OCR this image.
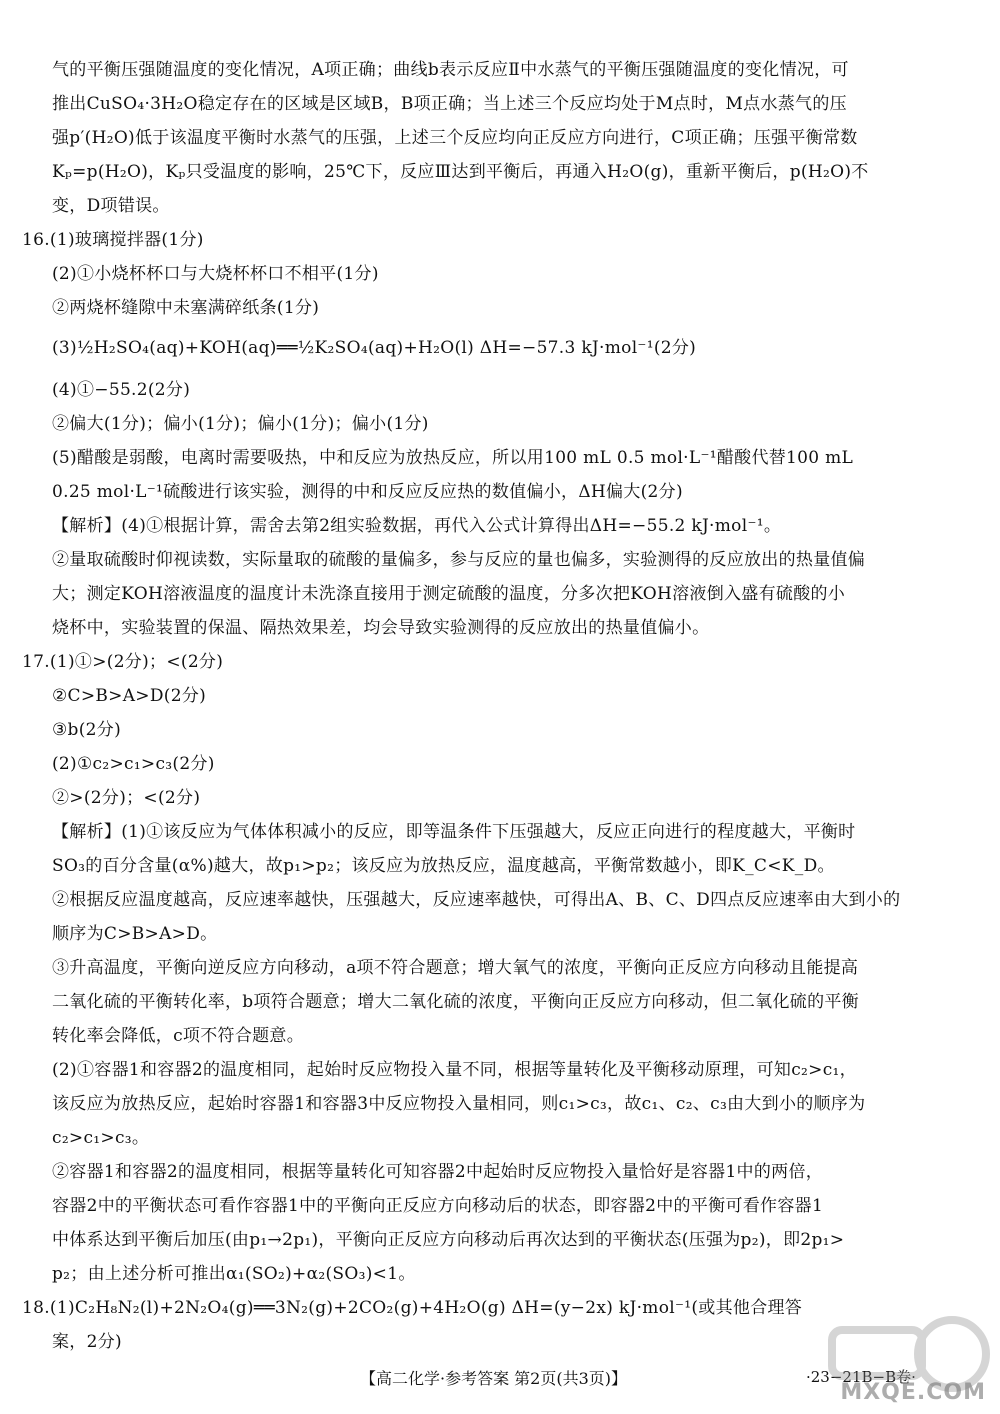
气的平衡压强随温度的变化情况，A项正确；曲线b表示反应Ⅱ中水蒸气的平衡压强随温度的变化情况，可
推出CuSO₄·3H₂O稳定存在的区域是区域B，B项正确；当上述三个反应均处于M点时，M点水蒸气的压
强p′(H₂O)低于该温度平衡时水蒸气的压强，上述三个反应均向正反应方向进行，C项正确；压强平衡常数
Kₚ=p(H₂O)，Kₚ只受温度的影响，25℃下，反应Ⅲ达到平衡后，再通入H₂O(g)，重新平衡后，p(H₂O)不
变，D项错误。
16.(1)玻璃搅拌器(1分)
(2)①小烧杯杯口与大烧杯杯口不相平(1分)
②两烧杯缝隙中未塞满碎纸条(1分)
(3)½H₂SO₄(aq)+KOH(aq)══½K₂SO₄(aq)+H₂O(l) ΔH=−57.3 kJ·mol⁻¹(2分)
(4)①−55.2(2分)
②偏大(1分)；偏小(1分)；偏小(1分)；偏小(1分)
(5)醋酸是弱酸，电离时需要吸热，中和反应为放热反应，所以用100 mL 0.5 mol·L⁻¹醋酸代替100 mL
0.25 mol·L⁻¹硫酸进行该实验，测得的中和反应反应热的数值偏小，ΔH偏大(2分)
【解析】(4)①根据计算，需舍去第2组实验数据，再代入公式计算得出ΔH=−55.2 kJ·mol⁻¹。
②量取硫酸时仰视读数，实际量取的硫酸的量偏多，参与反应的量也偏多，实验测得的反应放出的热量值偏
大；测定KOH溶液温度的温度计未洗涤直接用于测定硫酸的温度，分多次把KOH溶液倒入盛有硫酸的小
烧杯中，实验装置的保温、隔热效果差，均会导致实验测得的反应放出的热量值偏小。
17.(1)①>(2分)；<(2分)
②C>B>A>D(2分)
③b(2分)
(2)①c₂>c₁>c₃(2分)
②>(2分)；<(2分)
【解析】(1)①该反应为气体体积减小的反应，即等温条件下压强越大，反应正向进行的程度越大，平衡时
SO₃的百分含量(α%)越大，故p₁>p₂；该反应为放热反应，温度越高，平衡常数越小，即K_C<K_D。
②根据反应温度越高，反应速率越快，压强越大，反应速率越快，可得出A、B、C、D四点反应速率由大到小的
顺序为C>B>A>D。
③升高温度，平衡向逆反应方向移动，a项不符合题意；增大氧气的浓度，平衡向正反应方向移动且能提高
二氧化硫的平衡转化率，b项符合题意；增大二氧化硫的浓度，平衡向正反应方向移动，但二氧化硫的平衡
转化率会降低，c项不符合题意。
(2)①容器1和容器2的温度相同，起始时反应物投入量不同，根据等量转化及平衡移动原理，可知c₂>c₁，
该反应为放热反应，起始时容器1和容器3中反应物投入量相同，则c₁>c₃，故c₁、c₂、c₃由大到小的顺序为
c₂>c₁>c₃。
②容器1和容器2的温度相同，根据等量转化可知容器2中起始时反应物投入量恰好是容器1中的两倍，
容器2中的平衡状态可看作容器1中的平衡向正反应方向移动后的状态，即容器2中的平衡可看作容器1
中体系达到平衡后加压(由p₁→2p₁)，平衡向正反应方向移动后再次达到的平衡状态(压强为p₂)，即2p₁>
p₂；由上述分析可推出α₁(SO₂)+α₂(SO₃)<1。
18.(1)C₂H₈N₂(l)+2N₂O₄(g)══3N₂(g)+2CO₂(g)+4H₂O(g) ΔH=(y−2x) kJ·mol⁻¹(或其他合理答
案，2分)
【高二化学·参考答案 第2页(共3页)】	·23−21B−B卷·
MXQE.COM
